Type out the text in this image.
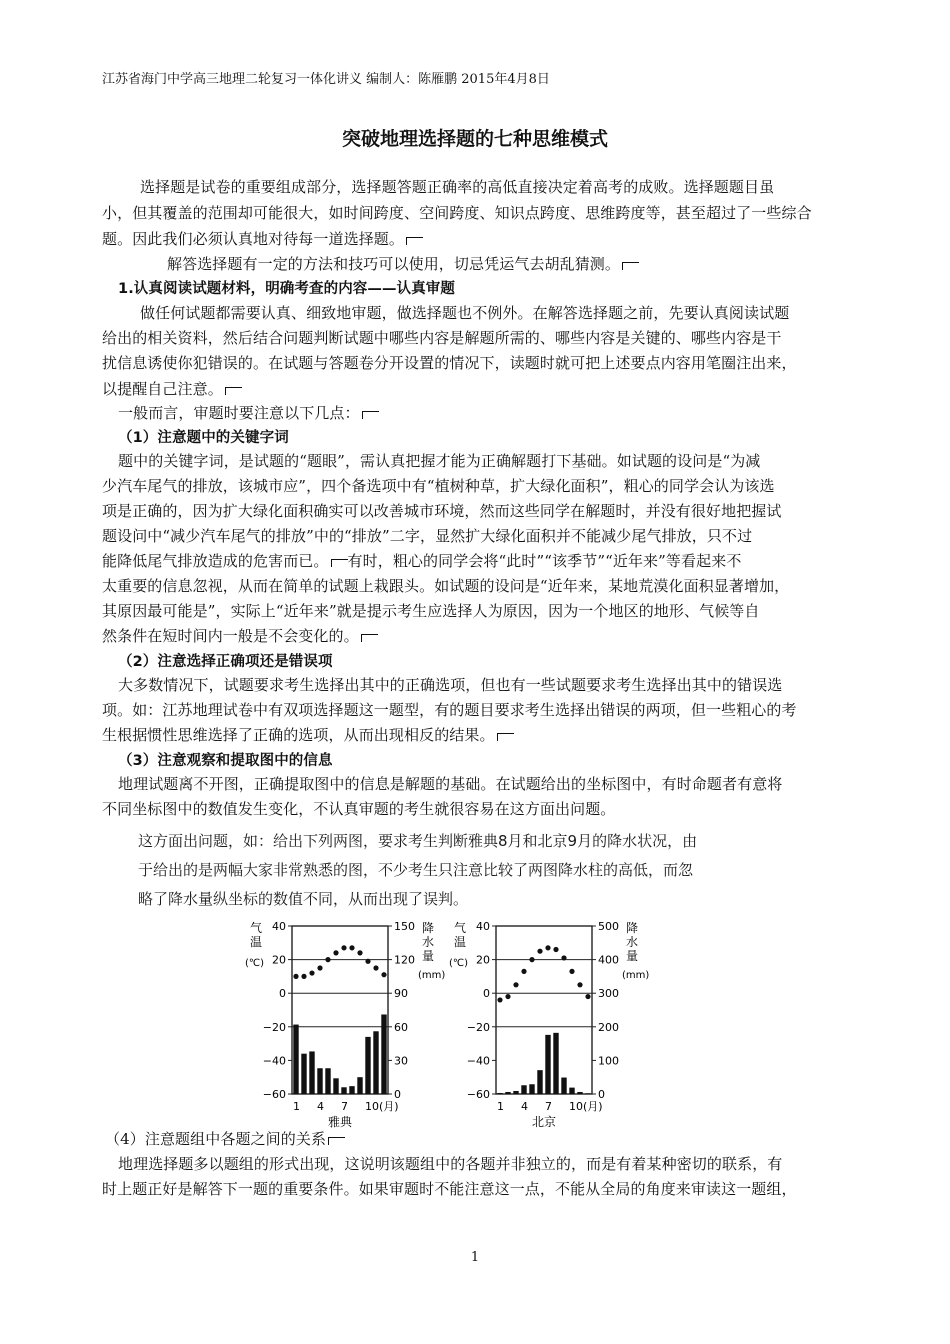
江苏省海门中学高三地理二轮复习一体化讲义 编制人：陈雁鹏 2015年4月8日
突破地理选择题的七种思维模式
选择题是试卷的重要组成部分，选择题答题正确率的高低直接决定着高考的成败。选择题题目虽
小，但其覆盖的范围却可能很大，如时间跨度、空间跨度、知识点跨度、思维跨度等，甚至超过了一些综合
题。因此我们必须认真地对待每一道选择题。
解答选择题有一定的方法和技巧可以使用，切忌凭运气去胡乱猜测。
1.认真阅读试题材料，明确考查的内容——认真审题
做任何试题都需要认真、细致地审题，做选择题也不例外。在解答选择题之前，先要认真阅读试题
给出的相关资料，然后结合问题判断试题中哪些内容是解题所需的、哪些内容是关键的、哪些内容是干
扰信息诱使你犯错误的。在试题与答题卷分开设置的情况下，读题时就可把上述要点内容用笔圈注出来，
以提醒自己注意。
一般而言，审题时要注意以下几点：
（1）注意题中的关键字词
题中的关键字词，是试题的“题眼”，需认真把握才能为正确解题打下基础。如试题的设问是“为减
少汽车尾气的排放，该城市应”，四个备选项中有“植树种草，扩大绿化面积”，粗心的同学会认为该选
项是正确的，因为扩大绿化面积确实可以改善城市环境，然而这些同学在解题时，并没有很好地把握试
题设问中“减少汽车尾气的排放”中的“排放”二字，显然扩大绿化面积并不能减少尾气排放，只不过
能降低尾气排放造成的危害而已。 有时，粗心的同学会将“此时”“该季节”“近年来”等看起来不
太重要的信息忽视，从而在简单的试题上栽跟头。如试题的设问是“近年来，某地荒漠化面积显著增加，
其原因最可能是”，实际上“近年来”就是提示考生应选择人为原因，因为一个地区的地形、气候等自
然条件在短时间内一般是不会变化的。
（2）注意选择正确项还是错误项
大多数情况下，试题要求考生选择出其中的正确选项，但也有一些试题要求考生选择出其中的错误选
项。如：江苏地理试卷中有双项选择题这一题型，有的题目要求考生选择出错误的两项，但一些粗心的考
生根据惯性思维选择了正确的选项，从而出现相反的结果。
（3）注意观察和提取图中的信息
地理试题离不开图，正确提取图中的信息是解题的基础。在试题给出的坐标图中，有时命题者有意将
不同坐标图中的数值发生变化，不认真审题的考生就很容易在这方面出问题。
这方面出问题，如：给出下列两图，要求考生判断雅典8月和北京9月的降水状况，由
于给出的是两幅大家非常熟悉的图，不少考生只注意比较了两图降水柱的高低，而忽
略了降水量纵坐标的数值不同，从而出现了误判。
40
20
0
−20
−40
−60
150
120
90
60
30
0
1 4 7 10(月)
雅典
气
温
(℃)
降
水
量
(mm)
40
20
0
−20
−40
−60
500
400
300
200
100
0
1 4 7 10(月)
北京
气
温
(℃)
降
水
量
(mm)
（4）注意题组中各题之间的关系
地理选择题多以题组的形式出现，这说明该题组中的各题并非独立的，而是有着某种密切的联系，有
时上题正好是解答下一题的重要条件。如果审题时不能注意这一点，不能从全局的角度来审读这一题组，
1
